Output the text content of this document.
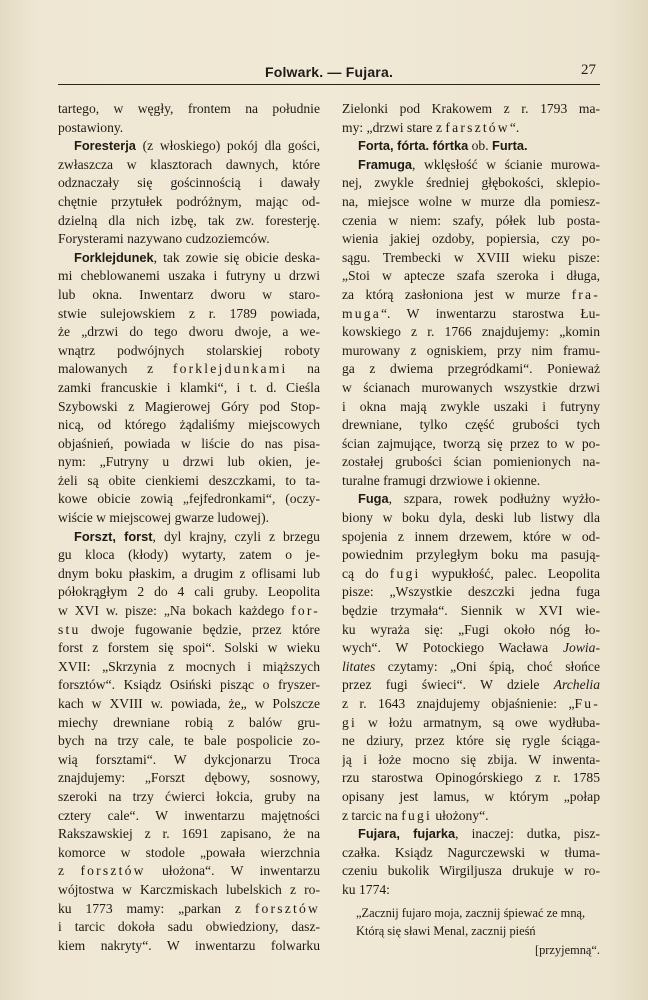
Folwark. — Fujara.	27
tartego, w węgły, frontem na południe
postawiony.
Foresterja (z włoskiego) pokój dla gości,
zwłaszcza w klasztorach dawnych, które
odznaczały się gościnnością i dawały
chętnie przytułek podróżnym, mając od-
dzielną dla nich izbę, tak zw. foresterję.
Forysterami nazywano cudzoziemców.
Forklejdunek, tak zowie się obicie deska-
mi cheblowanemi uszaka i futryny u drzwi
lub okna. Inwentarz dworu w staro-
stwie sulejowskiem z r. 1789 powiada,
że „drzwi do tego dworu dwoje, a we-
wnątrz podwójnych stolarskiej roboty
malowanych z forklejdunkami na
zamki francuskie i klamki“, i t. d. Cieśla
Szybowski z Magierowej Góry pod Stop-
nicą, od którego żądaliśmy miejscowych
objaśnień, powiada w liście do nas pisa-
nym: „Futryny u drzwi lub okien, je-
żeli są obite cienkiemi deszczkami, to ta-
kowe obicie zowią „fejfedronkami“, (oczy-
wiście w miejscowej gwarze ludowej).
Forszt, forst, dyl krajny, czyli z brzegu
gu kloca (kłody) wytarty, zatem o je-
dnym boku płaskim, a drugim z oflisami lub
półokrągłym 2 do 4 cali gruby. Leopolita
w XVI w. pisze: „Na bokach każdego for-
stu dwoje fugowanie będzie, przez które
forst z forstem się spoi“. Solski w wieku
XVII: „Skrzynia z mocnych i miąższych
forsztów“. Ksiądz Osiński pisząc o fryszer-
kach w XVIII w. powiada, że„ w Polszcze
miechy drewniane robią z balów gru-
bych na trzy cale, te bale pospolicie zo-
wią forsztami“. W dykcjonarzu Troca
znajdujemy: „Forszt dębowy, sosnowy,
szeroki na trzy ćwierci łokcia, gruby na
cztery cale“. W inwentarzu majętności
Rakszawskiej z r. 1691 zapisano, że na
komorce w stodole „powała wierzchnia
z forsztów ułożona“. W inwentarzu
wójtostwa w Karczmiskach lubelskich z ro-
ku 1773 mamy: „parkan z forsztów
i tarcic dokoła sadu obwiedziony, dasz-
kiem nakryty“. W inwentarzu folwarku
Zielonki pod Krakowem z r. 1793 ma-
my: „drzwi stare z farsztów“.
Forta, fórta. fórtka ob. Furta.
Framuga, wklęsłość w ścianie murowa-
nej, zwykle średniej głębokości, sklepio-
na, miejsce wolne w murze dla pomiesz-
czenia w niem: szafy, półek lub posta-
wienia jakiej ozdoby, popiersia, czy po-
sągu. Trembecki w XVIII wieku pisze:
„Stoi w aptecze szafa szeroka i długa,
za którą zasłoniona jest w murze fra-
muga“. W inwentarzu starostwa Łu-
kowskiego z r. 1766 znajdujemy: „komin
murowany z ogniskiem, przy nim framu-
ga z dwiema przegródkami“. Ponieważ
w ścianach murowanych wszystkie drzwi
i okna mają zwykle uszaki i futryny
drewniane, tylko część grubości tych
ścian zajmujące, tworzą się przez to w po-
zostałej grubości ścian pomienionych na-
turalne framugi drzwiowe i okienne.
Fuga, szpara, rowek podłużny wyżło-
biony w boku dyla, deski lub listwy dla
spojenia z innem drzewem, które w od-
powiednim przyległym boku ma pasują-
cą do fugi wypukłość, palec. Leopolita
pisze: „Wszystkie deszczki jedna fuga
będzie trzymała“. Siennik w XVI wie-
ku wyraża się: „Fugi około nóg ło-
wych“. W Potockiego Wacława Jowia-
litates czytamy: „Oni śpią, choć słońce
przez fugi świeci“. W dziele Archelia
z r. 1643 znajdujemy objaśnienie: „Fu-
gi w łożu armatnym, są owe wydłuba-
ne dziury, przez które się rygle ściąga-
ją i łoże mocno się zbija. W inwenta-
rzu starostwa Opinogórskiego z r. 1785
opisany jest lamus, w którym „połap
z tarcic na fugi ułożony“.
Fujara, fujarka, inaczej: dutka, pisz-
czałka. Ksiądz Nagurczewski w tłuma-
czeniu bukolik Wirgiljusza drukuje w ro-
ku 1774:
„Zacznij fujaro moja, zacznij śpiewać ze mną,
Którą się sławi Menal, zacznij pieśń
[przyjemną“.
